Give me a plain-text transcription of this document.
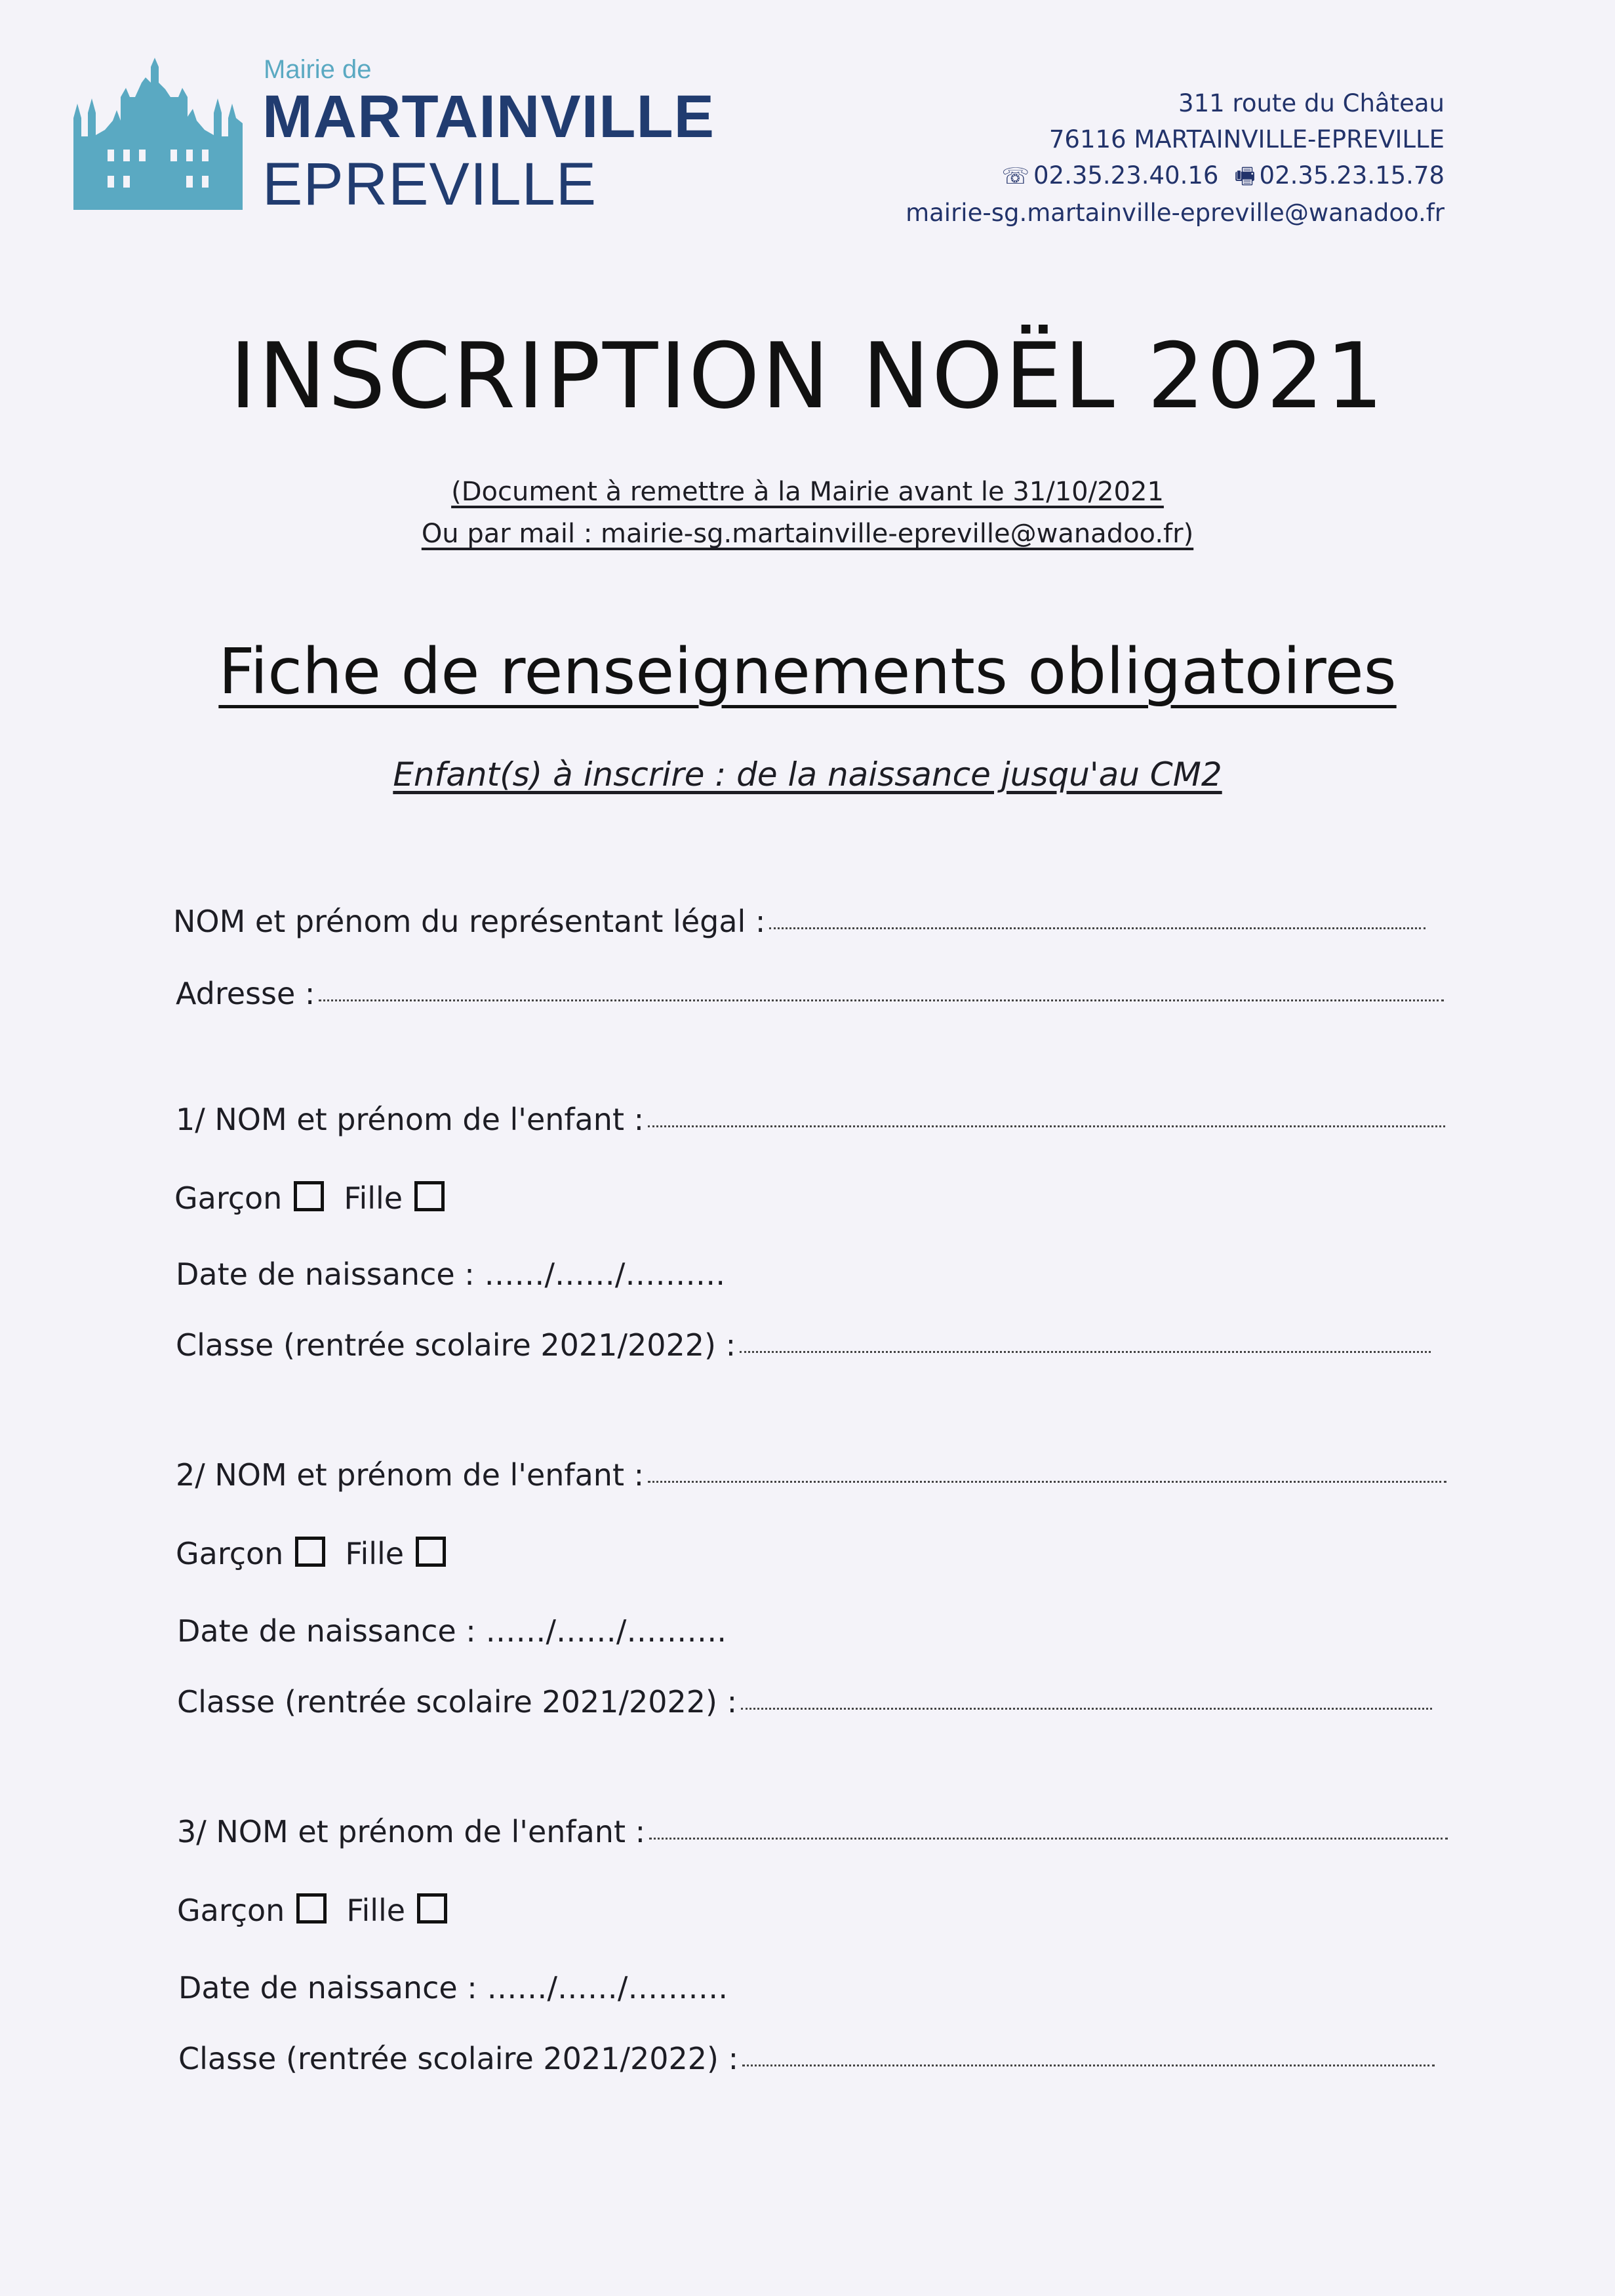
Mairie de
MARTAINVILLE
EPREVILLE
311 route du Château
76116 MARTAINVILLE-EPREVILLE
☏ 02.35.23.40.16 🖷 02.35.23.15.78
mairie-sg.martainville-epreville@wanadoo.fr
INSCRIPTION NOËL 2021
(Document à remettre à la Mairie avant le 31/10/2021
Ou par mail : mairie-sg.martainville-epreville@wanadoo.fr)
Fiche de renseignements obligatoires
Enfant(s) à inscrire : de la naissance jusqu'au CM2
NOM et prénom du représentant légal :
Adresse :
1/ NOM et prénom de l'enfant :
Garçon Fille
Date de naissance : ……/……/……….
Classe (rentrée scolaire 2021/2022) :
2/ NOM et prénom de l'enfant :
Garçon Fille
Date de naissance : ……/……/……….
Classe (rentrée scolaire 2021/2022) :
3/ NOM et prénom de l'enfant :
Garçon Fille
Date de naissance : ……/……/……….
Classe (rentrée scolaire 2021/2022) :
